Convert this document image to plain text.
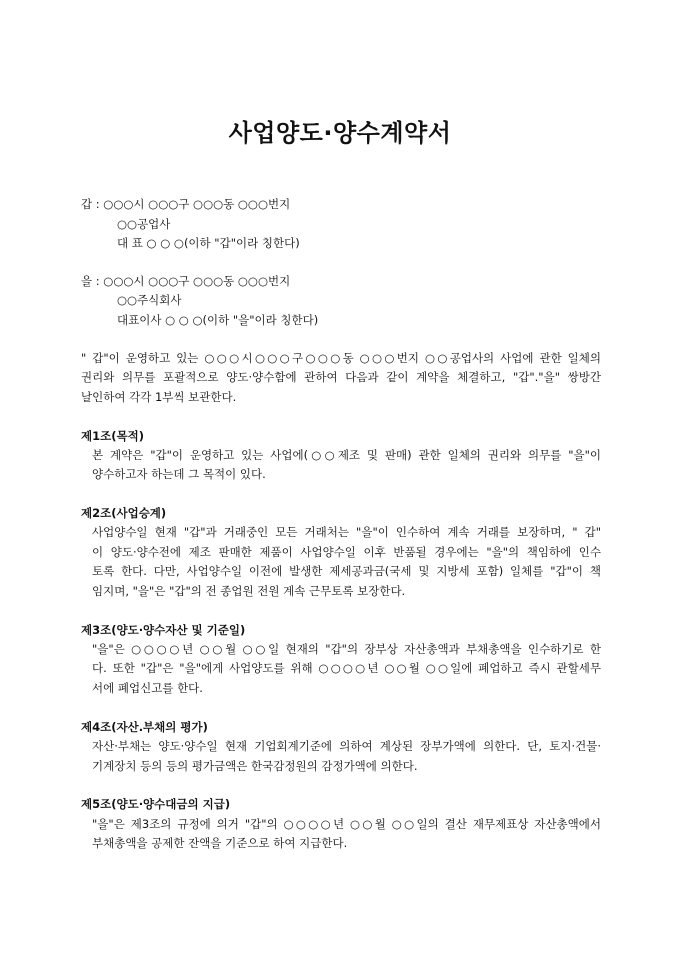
사업양도·양수계약서
갑 : ○○○시 ○○○구 ○○○동 ○○○번지
○○공업사
대 표 ○ ○ ○(이하 "갑"이라 칭한다)
을 : ○○○시 ○○○구 ○○○동 ○○○번지
○○주식회사
대표이사 ○ ○ ○(이하 "을"이라 칭한다)
" 갑"이 운영하고 있는 ○○○시○○○구○○○동 ○○○번지 ○○공업사의 사업에 관한 일체의
권리와 의무를 포괄적으로 양도·양수함에 관하여 다음과 같이 계약을 체결하고, "갑"."을" 쌍방간
날인하여 각각 1부씩 보관한다.
제1조(목적)
본 계약은 "갑"이 운영하고 있는 사업에(○○제조 및 판매) 관한 일체의 권리와 의무를 "을"이
양수하고자 하는데 그 목적이 있다.
제2조(사업승계)
사업양수일 현재 "갑"과 거래중인 모든 거래처는 "을"이 인수하여 계속 거래를 보장하며, " 갑"
이 양도·양수전에 제조 판매한 제품이 사업양수일 이후 반품될 경우에는 "을"의 책임하에 인수
토록 한다. 다만, 사업양수일 이전에 발생한 제세공과금(국세 및 지방세 포함) 일체를 "갑"이 책
임지며, "을"은 "갑"의 전 종업원 전원 계속 근무토록 보장한다.
제3조(양도·양수자산 및 기준일)
"을"은 ○○○○년 ○○월 ○○일 현재의 "갑"의 장부상 자산총액과 부채총액을 인수하기로 한
다. 또한 "갑"은 "을"에게 사업양도를 위해 ○○○○년 ○○월 ○○일에 폐업하고 즉시 관할세무
서에 폐업신고를 한다.
제4조(자산.부채의 평가)
자산·부채는 양도·양수일 현재 기업회계기준에 의하여 계상된 장부가액에 의한다. 단, 토지·건물·
기계장치 등의 등의 평가금액은 한국감정원의 감정가액에 의한다.
제5조(양도·양수대금의 지급)
"을"은 제3조의 규정에 의거 "갑"의 ○○○○년 ○○월 ○○일의 결산 재무제표상 자산총액에서
부채총액을 공제한 잔액을 기준으로 하여 지급한다.
